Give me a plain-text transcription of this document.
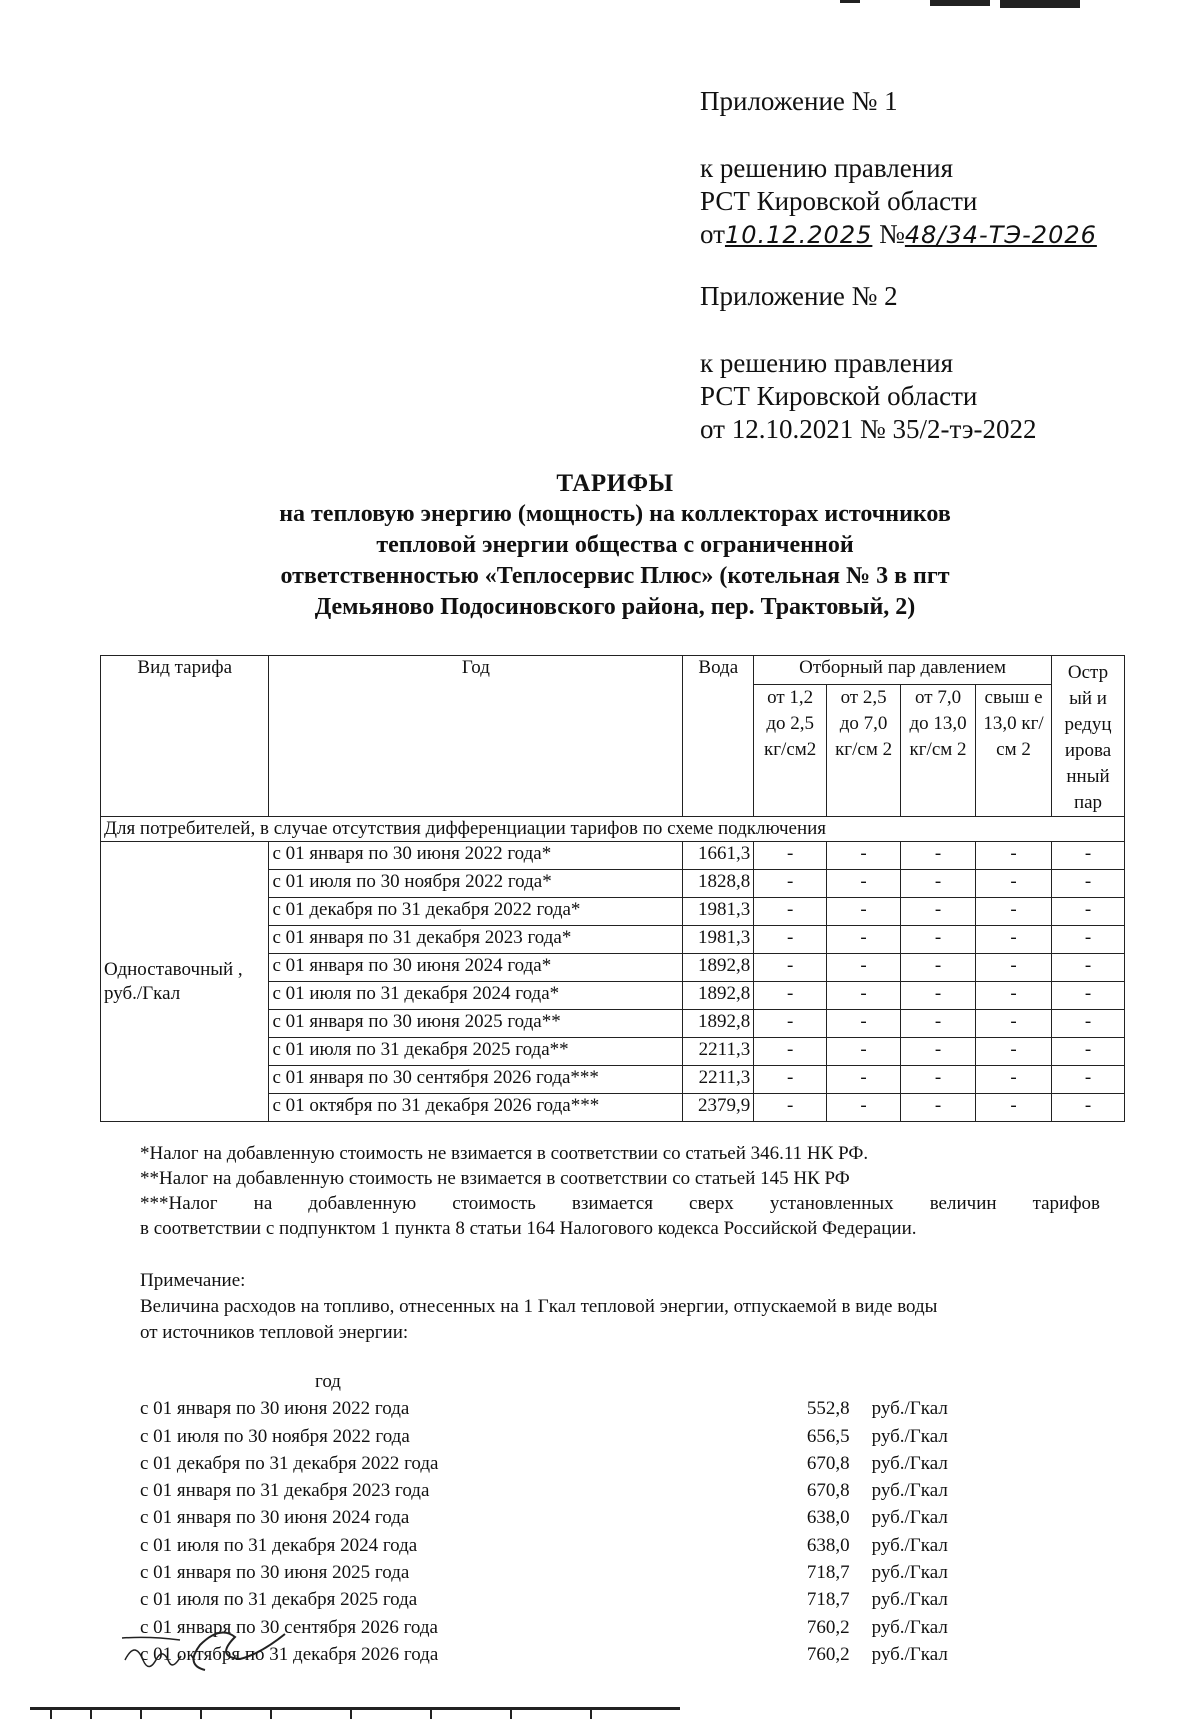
Приложение № 1
к решению правления
РСТ Кировской области
от10.12.2025 №48/34-ТЭ-2026
Приложение № 2
к решению правления
РСТ Кировской области
от 12.10.2021 № 35/2-тэ-2022
ТАРИФЫ
на тепловую энергию (мощность) на коллекторах источников
тепловой энергии общества с ограниченной
ответственностью «Теплосервис Плюс» (котельная № 3 в пгт
Демьяново Подосиновского района, пер. Трактовый, 2)
Вид тарифа	Год	Вода	Отборный пар давлением				Остр ый и редуц ирова нный пар
			от 1,2 до 2,5 кг/см2	от 2,5 до 7,0 кг/см 2	от 7,0 до 13,0 кг/см 2	свыш е 13,0 кг/см 2	
Для потребителей, в случае отсутствия дифференциации тарифов по схеме подключения							
Одноставочный , руб./Гкал	с 01 января по 30 июня 2022 года*	1661,3	-	-	-	-	-
	с 01 июля по 30 ноября 2022 года*	1828,8	-	-	-	-	-
	с 01 декабря по 31 декабря 2022 года*	1981,3	-	-	-	-	-
	с 01 января по 31 декабря 2023 года*	1981,3	-	-	-	-	-
	с 01 января по 30 июня 2024 года*	1892,8	-	-	-	-	-
	с 01 июля по 31 декабря 2024 года*	1892,8	-	-	-	-	-
	с 01 января по 30 июня 2025 года**	1892,8	-	-	-	-	-
	с 01 июля по 31 декабря 2025 года**	2211,3	-	-	-	-	-
	с 01 января по 30 сентября 2026 года***	2211,3	-	-	-	-	-
	с 01 октября по 31 декабря 2026 года***	2379,9	-	-	-	-	-
*Налог на добавленную стоимость не взимается в соответствии со статьей 346.11 НК РФ.
**Налог на добавленную стоимость не взимается в соответствии со статьей 145 НК РФ
***Налог на добавленную стоимость взимается сверх установленных величин тарифов
в соответствии с подпунктом 1 пункта 8 статьи 164 Налогового кодекса Российской Федерации.
Примечание:
Величина расходов на топливо, отнесенных на 1 Гкал тепловой энергии, отпускаемой в виде воды
от источников тепловой энергии:
год
с 01 января по 30 июня 2022 года	552,8	руб./Гкал
с 01 июля по 30 ноября 2022 года	656,5	руб./Гкал
с 01 декабря по 31 декабря 2022 года	670,8	руб./Гкал
с 01 января по 31 декабря 2023 года	670,8	руб./Гкал
с 01 января по 30 июня 2024 года	638,0	руб./Гкал
с 01 июля по 31 декабря 2024 года	638,0	руб./Гкал
с 01 января по 30 июня 2025 года	718,7	руб./Гкал
с 01 июля по 31 декабря 2025 года	718,7	руб./Гкал
с 01 января по 30 сентября 2026 года	760,2	руб./Гкал
с 01 октября по 31 декабря 2026 года	760,2	руб./Гкал
